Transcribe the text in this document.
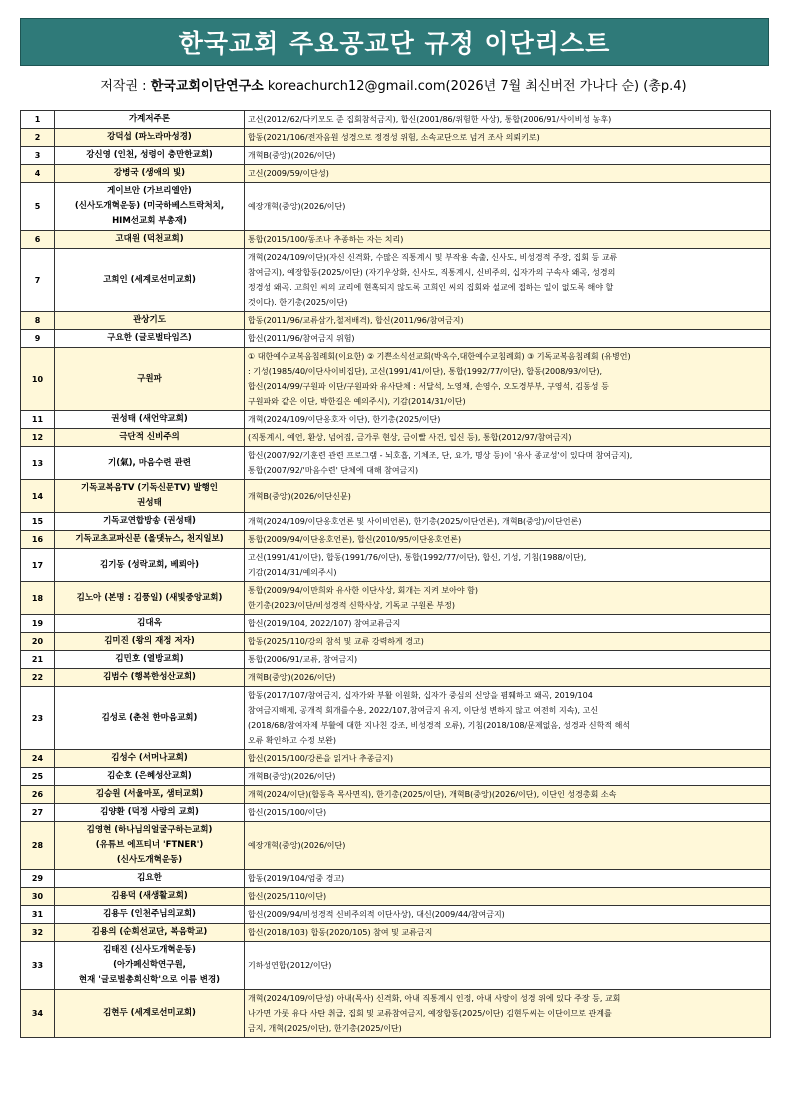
한국교회 주요공교단 규정 이단리스트
저작권 : 한국교회이단연구소 koreachurch12@gmail.com(2026년 7월 최신버전 가나다 순) (총p.4)
1	가계저주론	고신(2012/62/다키모도 준 집회참석금지), 합신(2001/86/위험한 사상), 통합(2006/91/사이비성 농후)

2	강덕섭 (파노라마성경)	합동(2021/106/전자음원 성경으로 정경성 위험, 소속교단으로 넘겨 조사 의뢰키로)

3	강신영 (인천, 성령이 충만한교회)	개혁B(중앙)(2026/이단)

4	강병국 (생애의 빛)	고신(2009/59/이단성)

5	게이브안 (가브리엘안)
(신사도개혁운동) (미국하베스트락처치,
HIM선교회 부총재)	예장개혁(중앙)(2026/이단)

6	고대원 (덕천교회)	통합(2015/100/동조나 추종하는 자는 치리)

7	고희인 (세계로선미교회)	개혁(2024/109/이단)(자신 신격화, 수많은 직통계시 및 부작용 속출, 신사도, 비성경적 주장, 집회 등 교류
참여금지), 예장합동(2025/이단) (자기우상화, 신사도, 직통계시, 신비주의, 십자가의 구속사 왜곡, 성경의
정경성 왜곡. 고희인 씨의 교리에 현혹되지 않도록 고희인 씨의 집회와 설교에 접하는 일이 없도록 해야 할
것이다). 한기총(2025/이단)

8	관상기도	합동(2011/96/교류삼가,철저배격), 합신(2011/96/참여금지)

9	구요한 (글로벌타임즈)	합신(2011/96/참여금지 위험)

10	구원파	① 대한예수교복음침례회(이요한) ② 기쁜소식선교회(박옥수,대한예수교침례회) ③ 기독교복음침례회 (유병언)
: 기성(1985/40/이단사이비집단), 고신(1991/41/이단), 통합(1992/77/이단), 합동(2008/93/이단),
합신(2014/99/구원파 이단/구원파와 유사단체 : 서달석, 노영채, 손영수, 오도경부부, 구영석, 김동성 등
구원파와 같은 이단, 박한길은 예의주시), 기감(2014/31/이단)

11	권성태 (새언약교회)	개혁(2024/109/이단옹호자 이단), 한기총(2025/이단)

12	극단적 신비주의	(직통계시, 예언, 환상, 넘어짐, 금가루 현상, 금이빨 사건, 입신 등), 통합(2012/97/참여금지)

13	기(氣), 마음수련 관련	합신(2007/92/기훈련 관련 프로그램 - 뇌호흡, 기체조, 단, 요가, 명상 등)이 '유사 종교성'이 있다며 참여금지),
통합(2007/92/'마음수련' 단체에 대해 참여금지)

14	기독교복음TV (기독신문TV) 발행인
권성태	개혁B(중앙)(2026/이단신문)

15	기독교연합방송 (권성태)	개혁(2024/109/이단옹호언론 및 사이비언론), 한기총(2025/이단언론), 개혁B(중앙)/이단언론)

16	기독교초교파신문 (올댓뉴스, 천지일보)	통합(2009/94/이단옹호언론), 합신(2010/95/이단옹호언론)

17	김기동 (성락교회, 베뢰아)	고신(1991/41/이단), 합동(1991/76/이단), 통합(1992/77/이단), 합신, 기성, 기침(1988/이단),
기감(2014/31/예의주시)

18	김노아 (본명 : 김풍일) (새빛중앙교회)	통합(2009/94/이만희와 유사한 이단사상, 회개는 지켜 보아야 함)
한기총(2023/이단/비성경적 신학사상, 기독교 구원론 부정)

19	김대옥	합신(2019/104, 2022/107) 참여교류금지

20	김미진 (왕의 재정 저자)	합동(2025/110/강의 참석 및 교류 강력하게 경고)

21	김민호 (열방교회)	통합(2006/91/교류, 참여금지)

22	김범수 (행복한성산교회)	개혁B(중앙)(2026/이단)

23	김성로 (춘천 한마음교회)	합동(2017/107/참여금지, 십자가와 부활 이원화, 십자가 중심의 신앙을 폄훼하고 왜곡, 2019/104
참여금지해제, 공개적 회개를수용, 2022/107,참여금지 유지, 이단성 변하지 않고 여전히 지속), 고신
(2018/68/참여자제 부활에 대한 지나친 강조, 비성경적 오류), 기침(2018/108/문제없음, 성경과 신학적 해석
오류 확인하고 수정 보완)

24	김성수 (서머나교회)	합신(2015/100/강론을 읽거나 추종금지)

25	김순호 (은혜성산교회)	개혁B(중앙)(2026/이단)

26	김승원 (서울마포, 샘터교회)	개혁(2024/이단)(합동측 목사면직), 한기총(2025/이단), 개혁B(중앙)(2026/이단), 이단인 성경총회 소속

27	김양환 (덕정 사랑의 교회)	합신(2015/100/이단)

28	김영현 (하나님의얼굴구하는교회)
(유튜브 에프티너 'FTNER')
(신사도개혁운동)	예장개혁(중앙)(2026/이단)

29	김요한	합동(2019/104/엄중 경고)

30	김용덕 (새생활교회)	합신(2025/110/이단)

31	김용두 (인천주님의교회)	합신(2009/94/비성경적 신비주의적 이단사상), 대신(2009/44/참여금지)

32	김용의 (순회선교단, 복음학교)	합신(2018/103) 합동(2020/105) 참여 및 교류금지

33	김태진 (신사도개혁운동)
(아가페신학연구원,
현재 '글로벌총회신학'으로 이름 변경)	기하성연합(2012/이단)

34	김현두 (세계로선미교회)	개혁(2024/109/이단성) 아내(목사) 신격화, 아내 직통계시 인정, 아내 사랑이 성경 위에 있다 주장 등, 교회
나가면 가롯 유다 사탄 취급, 집회 및 교류참여금지, 예장합동(2025/이단) 김현두씨는 이단이므로 관계를
금지, 개혁(2025/이단), 한기총(2025/이단)
